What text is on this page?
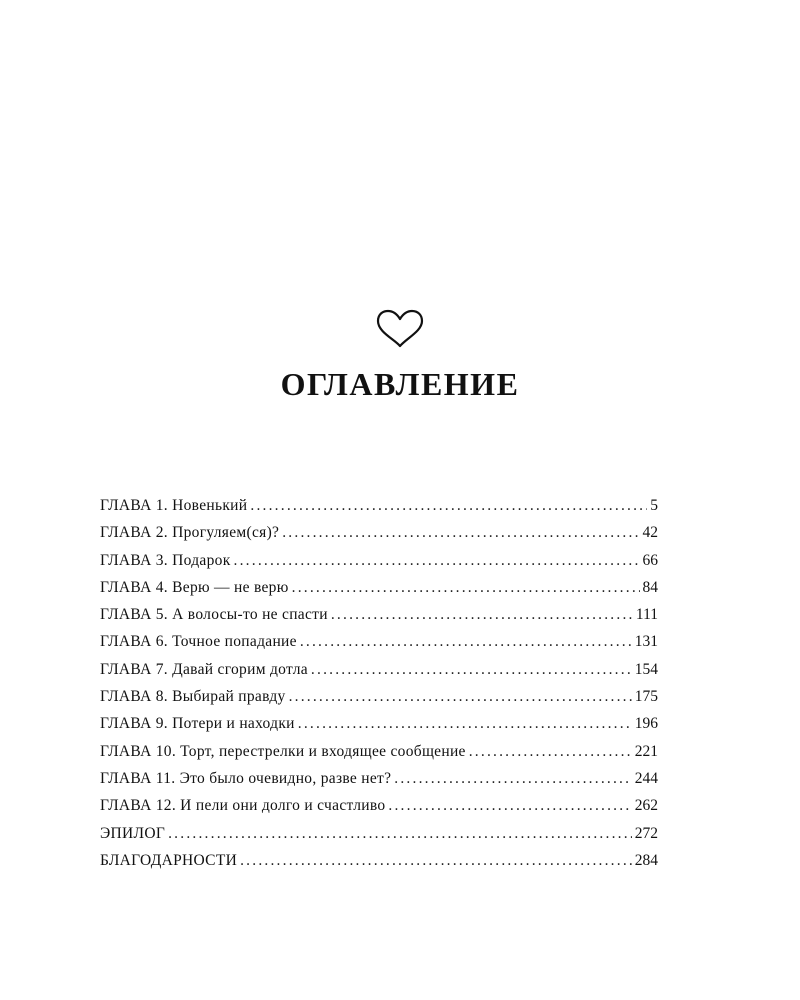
ОГЛАВЛЕНИЕ
ГЛАВА 1. Новенький .....	5
ГЛАВА 2. Прогуляем(ся)? .....	42
ГЛАВА 3. Подарок .....	66
ГЛАВА 4. Верю — не верю .....	84
ГЛАВА 5. А волосы-то не спасти .....	111
ГЛАВА 6. Точное попадание .....	131
ГЛАВА 7. Давай сгорим дотла .....	154
ГЛАВА 8. Выбирай правду .....	175
ГЛАВА 9. Потери и находки .....	196
ГЛАВА 10. Торт, перестрелки и входящее сообщение .....	221
ГЛАВА 11. Это было очевидно, разве нет? .....	244
ГЛАВА 12. И пели они долго и счастливо .....	262
ЭПИЛОГ .....	272
БЛАГОДАРНОСТИ .....	284
